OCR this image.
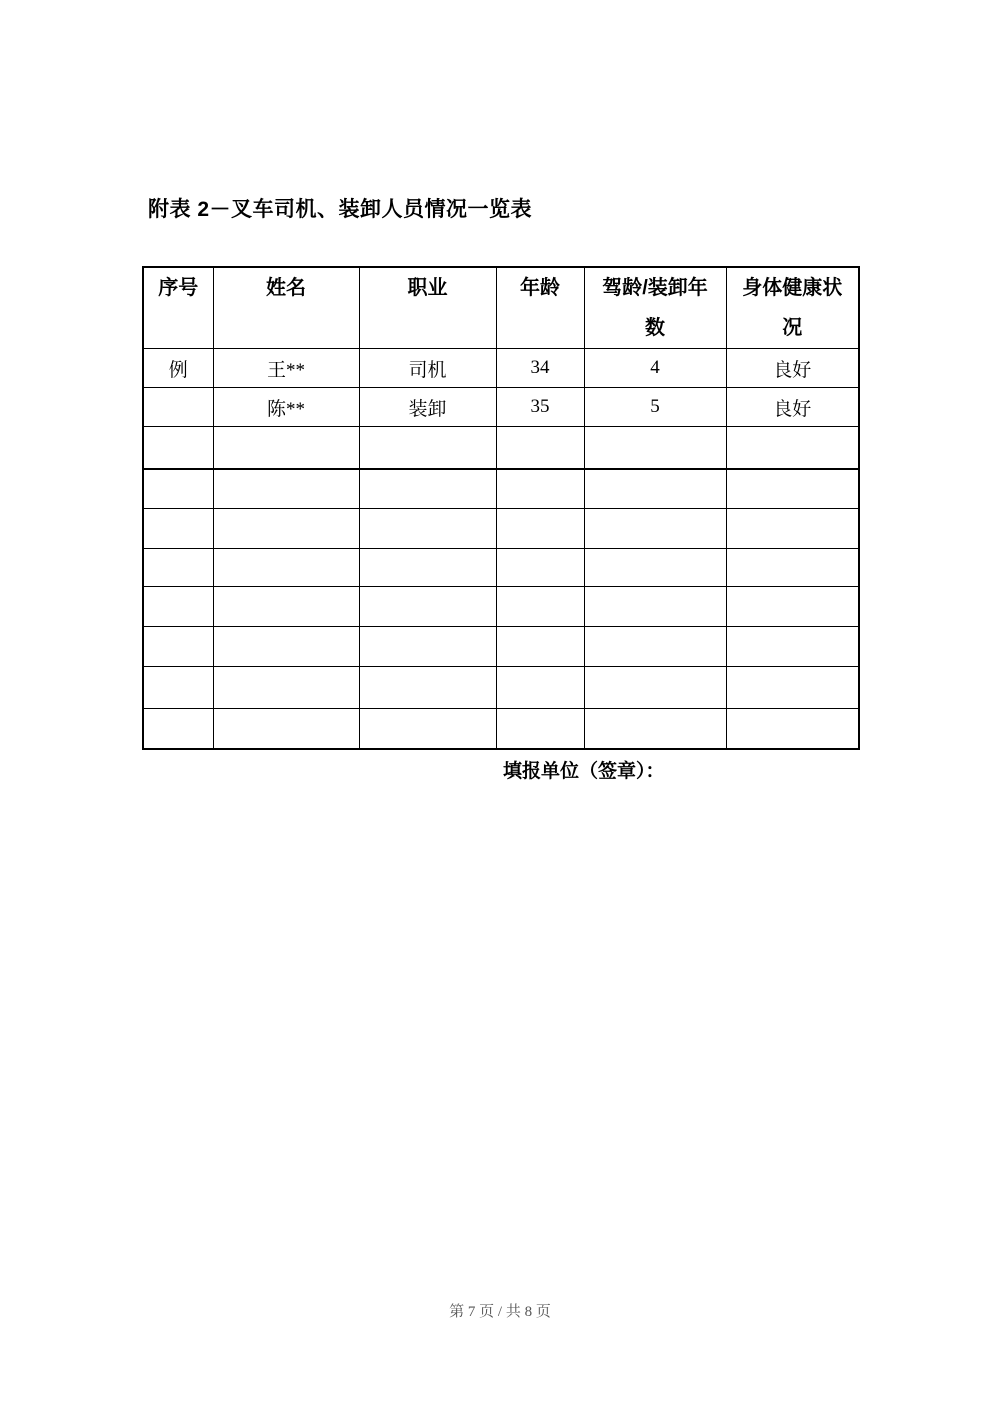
附表 2－叉车司机、装卸人员情况一览表
序号	姓名	职业	年龄	驾龄/装卸年数	身体健康状况
例	王**	司机	34	4	良好
	陈**	装卸	35	5	良好

填报单位（签章）：
第 7 页 / 共 8 页
